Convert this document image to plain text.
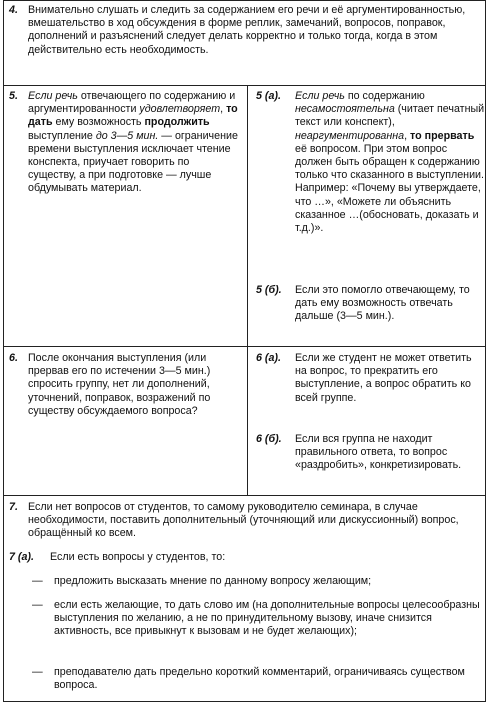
4. Внимательно слушать и следить за содержанием его речи и её аргументированностью, вмешательство в ход обсуждения в форме реплик, замечаний, вопросов, поправок, дополнений и разъяснений следует делать корректно и только тогда, когда в этом действительно есть необходимость.
5. Если речь отвечающего по содержанию и аргументированности удовлетворяет, то дать ему возможность продолжить выступление до 3—5 мин. — ограничение времени выступления исключает чтение конспекта, приучает говорить по существу, а при подготовке — лучше обдумывать материал.
5 (а). Если речь по содержанию несамостоятельна (читает печатный текст или конспект), неаргументированна, то прервать её вопросом. При этом вопрос должен быть обращен к содержанию только что сказанного в выступлении. Например: «Почему вы утверждаете, что …», «Можете ли объяснить сказанное …(обосновать, доказать и т.д.)».
5 (б). Если это помогло отвечающему, то дать ему возможность отвечать дальше (3—5 мин.).
6. После окончания выступления (или прервав его по истечении 3—5 мин.) спросить группу, нет ли дополнений, уточнений, поправок, возражений по существу обсуждаемого вопроса?
6 (а). Если же студент не может ответить на вопрос, то прекратить его выступление, а вопрос обратить ко всей группе.
6 (б). Если вся группа не находит правильного ответа, то вопрос «раздробить», конкретизировать.
7. Если нет вопросов от студентов, то самому руководителю семинара, в случае необходимости, поставить дополнительный (уточняющий или дискуссионный) вопрос, обращённый ко всем.
7 (а). Если есть вопросы у студентов, то:
— предложить высказать мнение по данному вопросу желающим;
— если есть желающие, то дать слово им (на дополнительные вопросы целесообразны выступления по желанию, а не по принудительному вызову, иначе снизится активность, все привыкнут к вызовам и не будет желающих);
— преподавателю дать предельно короткий комментарий, ограничиваясь существом вопроса.
